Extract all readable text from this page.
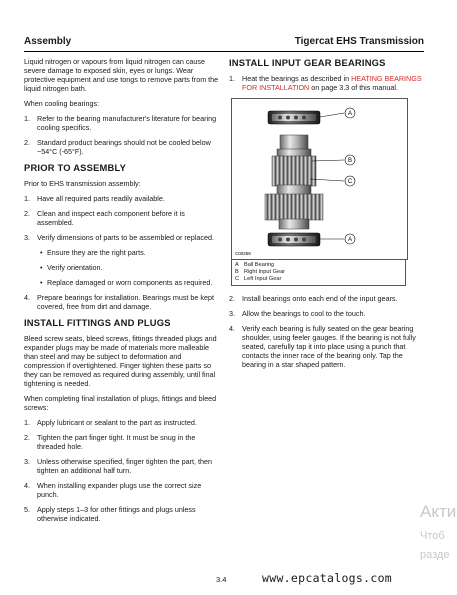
Assembly	Tigercat EHS Transmission

Liquid nitrogen or vapours from liquid nitrogen can cause severe damage to exposed skin, eyes or lungs. Wear protective equipment and use tongs to remove parts from the liquid nitrogen bath.

When cooling bearings:

1. Refer to the bearing manufacturer's literature for bearing cooling specifics.
2. Standard product bearings should not be cooled below −54°C (-65°F).
PRIOR TO ASSEMBLY

Prior to EHS transmission assembly:

1. Have all required parts readily available.
2. Clean and inspect each component before it is assembled.
3. Verify dimensions of parts to be assembled or replaced.
• Ensure they are the right parts.
• Verify orientation.
• Replace damaged or worn components as required.
4. Prepare bearings for installation. Bearings must be kept covered, free from dirt and damage.
INSTALL FITTINGS AND PLUGS

Bleed screw seats, bleed screws, fittings threaded plugs and expander plugs may be made of materials more malleable than steel and may be subject to deformation and compression if overtightened. Finger tighten these parts so they can be removed as required during assembly, until final tightening is needed.

When completing final installation of plugs, fittings and bleed screws:

1. Apply lubricant or sealant to the part as instructed.
2. Tighten the part finger tight. It must be snug in the threaded hole.
3. Unless otherwise specified, finger tighten the part, then tighten an additional half turn.
4. When installing expander plugs use the correct size punch.
5. Apply steps 1–3 for other fittings and plugs unless otherwise indicated.
INSTALL INPUT GEAR BEARINGS
1. Heat the bearings as described in HEATING BEARINGS FOR INSTALLATION on page 3.3 of this manual.
A
B
C
A
C00258
A Ball Bearing
B Right Input Gear
C Left Input Gear
2. Install bearings onto each end of the input gears.
3. Allow the bearings to cool to the touch.
4. Verify each bearing is fully seated on the gear bearing shoulder, using feeler gauges. If the bearing is not fully seated, carefully tap it into place using a punch that contacts the inner race of the bearing only. Tap the bearing in a star shaped pattern.
3.4	www.epcatalogs.com
Акти
Чтоб
разде
